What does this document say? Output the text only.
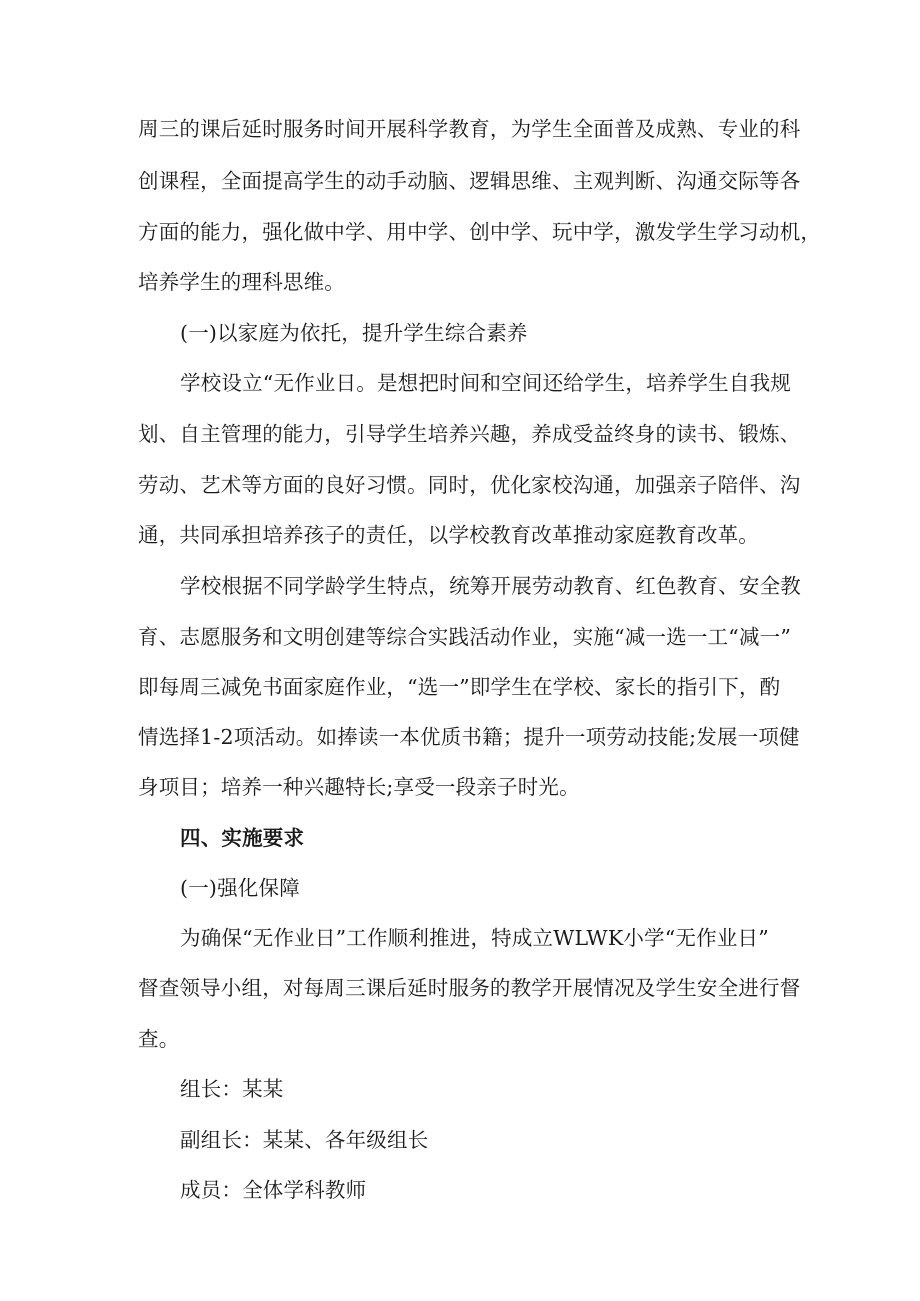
周三的课后延时服务时间开展科学教育，为学生全面普及成熟、专业的科
创课程，全面提高学生的动手动脑、逻辑思维、主观判断、沟通交际等各
方面的能力，强化做中学、用中学、创中学、玩中学，激发学生学习动机，
培养学生的理科思维。
(一)以家庭为依托，提升学生综合素养
学校设立“无作业日。是想把时间和空间还给学生，培养学生自我规
划、自主管理的能力，引导学生培养兴趣，养成受益终身的读书、锻炼、
劳动、艺术等方面的良好习惯。同时，优化家校沟通，加强亲子陪伴、沟
通，共同承担培养孩子的责任，以学校教育改革推动家庭教育改革。
学校根据不同学龄学生特点，统筹开展劳动教育、红色教育、安全教
育、志愿服务和文明创建等综合实践活动作业，实施“减一选一工“减一”
即每周三减免书面家庭作业，“选一”即学生在学校、家长的指引下，酌
情选择1-2项活动。如捧读一本优质书籍；提升一项劳动技能;发展一项健
身项目；培养一种兴趣特长;享受一段亲子时光。
四、实施要求
(一)强化保障
为确保“无作业日”工作顺利推进，特成立WLWK小学“无作业日”
督查领导小组，对每周三课后延时服务的教学开展情况及学生安全进行督
查。
组长：某某
副组长：某某、各年级组长
成员：全体学科教师
